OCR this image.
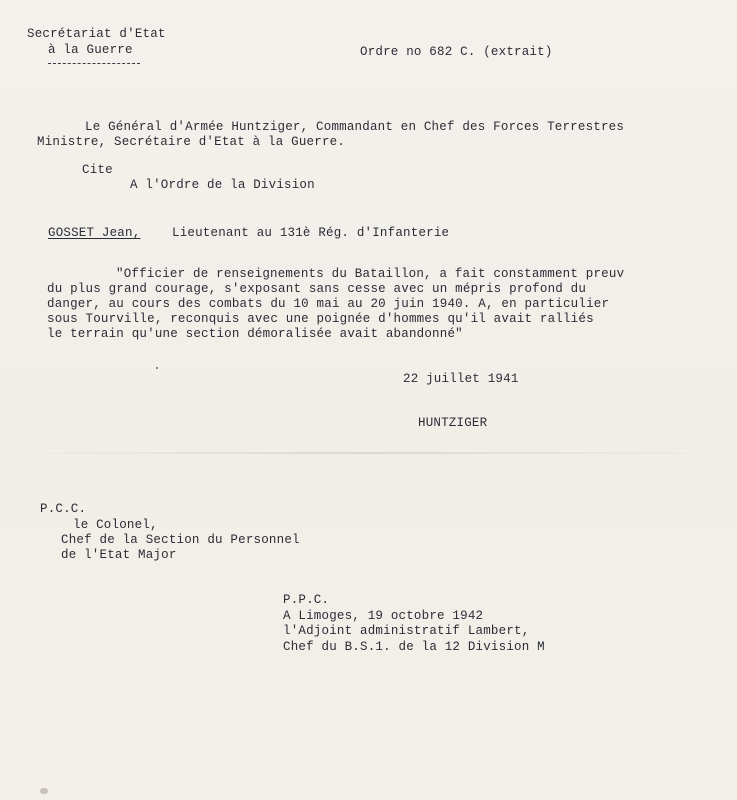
Secrétariat d'Etat
à la Guerre	Ordre no 682 C. (extrait)
Le Général d'Armée Huntziger, Commandant en Chef des Forces Terrestres
Ministre, Secrétaire d'Etat à la Guerre.
Cite
A l'Ordre de la Division
GOSSET Jean,	Lieutenant au 131è Rég. d'Infanterie
"Officier de renseignements du Bataillon, a fait constamment preuv
du plus grand courage, s'exposant sans cesse avec un mépris profond du
danger, au cours des combats du 10 mai au 20 juin 1940. A, en particulier
sous Tourville, reconquis avec une poignée d'hommes qu'il avait ralliés
le terrain qu'une section démoralisée avait abandonné"
22 juillet 1941
HUNTZIGER
P.C.C.
le Colonel,
Chef de la Section du Personnel
de l'Etat Major
P.P.C.
A Limoges, 19 octobre 1942
l'Adjoint administratif Lambert,
Chef du B.S.1. de la 12 Division M
